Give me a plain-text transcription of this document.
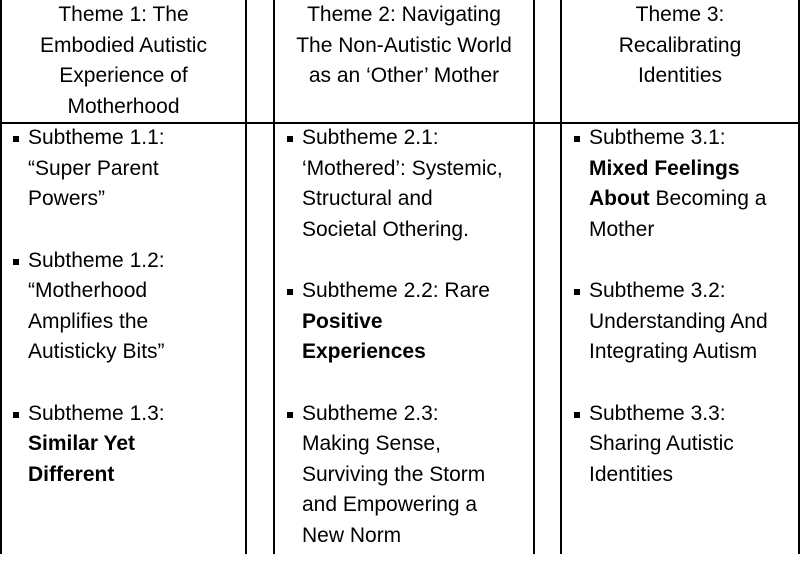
Theme 1: The
Embodied Autistic
Experience of
Motherhood
Theme 2: Navigating
The Non-Autistic World
as an ‘Other’ Mother
Theme 3:
Recalibrating
Identities
Subtheme 1.1:
“Super Parent
Powers”
Subtheme 1.2:
“Motherhood
Amplifies the
Autisticky Bits”
Subtheme 1.3:
Similar Yet
Different
Subtheme 2.1:
‘Mothered’: Systemic,
Structural and
Societal Othering.
Subtheme 2.2: Rare
Positive
Experiences
Subtheme 2.3:
Making Sense,
Surviving the Storm
and Empowering a
New Norm
Subtheme 3.1:
Mixed Feelings
About Becoming a
Mother
Subtheme 3.2:
Understanding And
Integrating Autism
Subtheme 3.3:
Sharing Autistic
Identities
